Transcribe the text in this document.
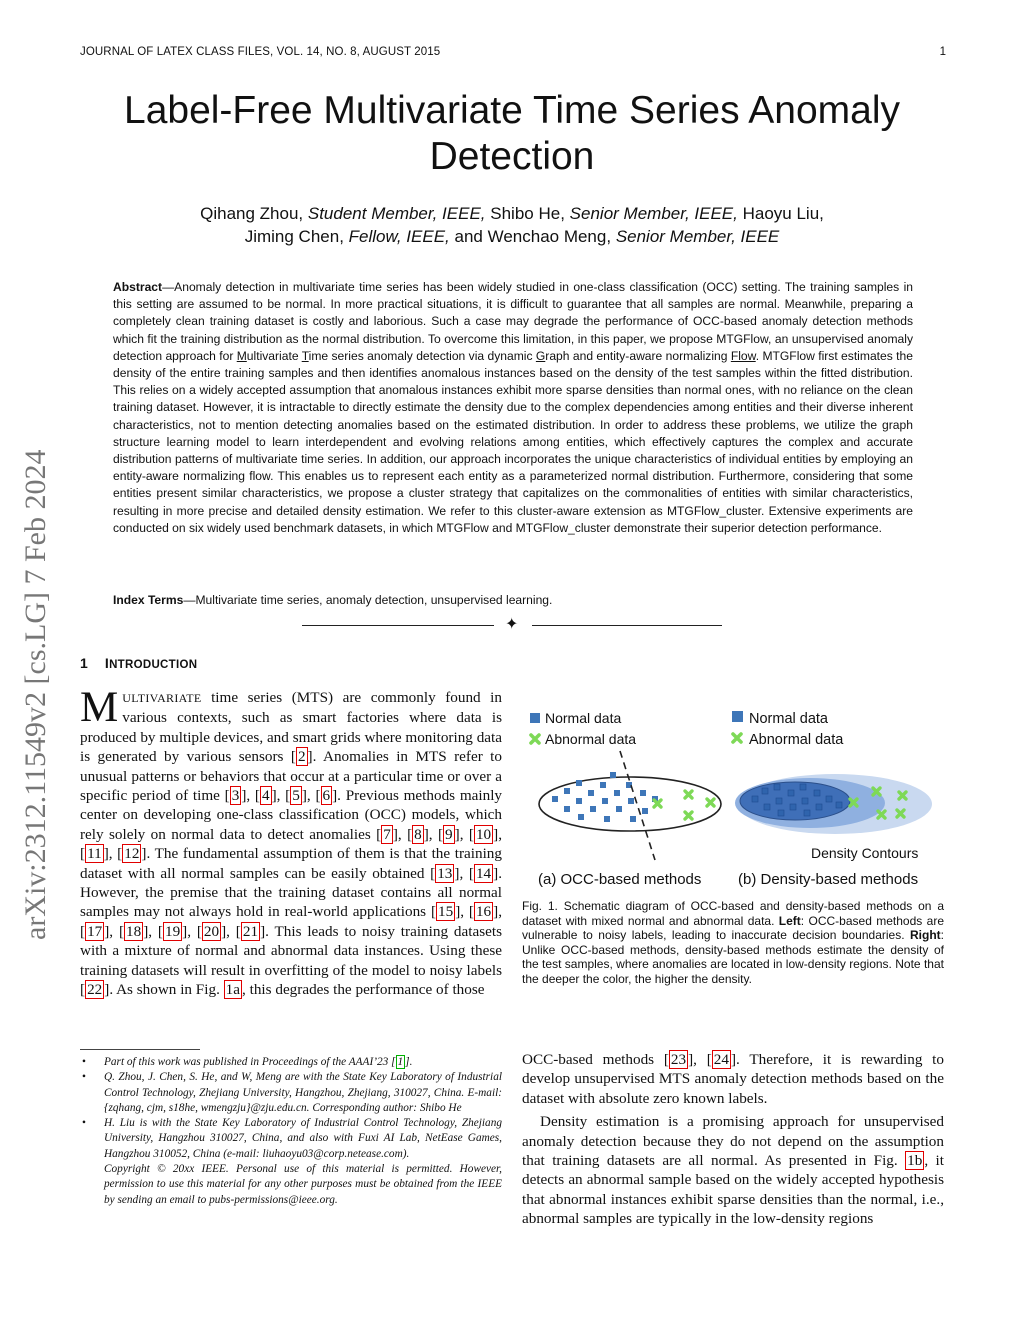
JOURNAL OF LATEX CLASS FILES, VOL. 14, NO. 8, AUGUST 2015	1
Label-Free Multivariate Time Series Anomaly Detection
Qihang Zhou, Student Member, IEEE, Shibo He, Senior Member, IEEE, Haoyu Liu,
Jiming Chen, Fellow, IEEE, and Wenchao Meng, Senior Member, IEEE
Abstract—Anomaly detection in multivariate time series has been widely studied in one-class classification (OCC) setting. The training samples in this setting are assumed to be normal. In more practical situations, it is difficult to guarantee that all samples are normal. Meanwhile, preparing a completely clean training dataset is costly and laborious. Such a case may degrade the performance of OCC-based anomaly detection methods which fit the training distribution as the normal distribution. To overcome this limitation, in this paper, we propose MTGFlow, an unsupervised anomaly detection approach for Multivariate Time series anomaly detection via dynamic Graph and entity-aware normalizing Flow. MTGFlow first estimates the density of the entire training samples and then identifies anomalous instances based on the density of the test samples within the fitted distribution. This relies on a widely accepted assumption that anomalous instances exhibit more sparse densities than normal ones, with no reliance on the clean training dataset. However, it is intractable to directly estimate the density due to the complex dependencies among entities and their diverse inherent characteristics, not to mention detecting anomalies based on the estimated distribution. In order to address these problems, we utilize the graph structure learning model to learn interdependent and evolving relations among entities, which effectively captures the complex and accurate distribution patterns of multivariate time series. In addition, our approach incorporates the unique characteristics of individual entities by employing an entity-aware normalizing flow. This enables us to represent each entity as a parameterized normal distribution. Furthermore, considering that some entities present similar characteristics, we propose a cluster strategy that capitalizes on the commonalities of entities with similar characteristics, resulting in more precise and detailed density estimation. We refer to this cluster-aware extension as MTGFlow_cluster. Extensive experiments are conducted on six widely used benchmark datasets, in which MTGFlow and MTGFlow_cluster demonstrate their superior detection performance.
Index Terms—Multivariate time series, anomaly detection, unsupervised learning.
✦
arXiv:2312.11549v2 [cs.LG] 7 Feb 2024	1 INTRODUCTION
MULTIVARIATE time series (MTS) are commonly found in various contexts, such as smart factories where data is produced by multiple devices, and smart grids where monitoring data is generated by various sensors [ 2 ]. Anomalies in MTS refer to unusual patterns or behaviors that occur at a particular time or over a specific period of time [ 3 ], [ 4 ], [ 5 ], [ 6 ]. Previous methods mainly center on developing one-class classification (OCC) models, which rely solely on normal data to detect anomalies [ 7 ], [ 8 ], [ 9 ], [ 10 ], [ 11 ], [ 12 ]. The fundamental assumption of them is that the training dataset with all normal samples can be easily obtained [ 13 ], [ 14 ]. However, the premise that the training dataset contains all normal samples may not always hold in real-world applications [ 15 ], [ 16 ], [ 17 ], [ 18 ], [ 19 ], [ 20 ], [ 21 ]. This leads to noisy training datasets with a mixture of normal and abnormal data instances. Using these training datasets will result in overfitting of the model to noisy labels [ 22 ]. As shown in Fig. 1a , this degrades the performance of those

• Part of this work was published in Proceedings of the AAAI’23 [ 1 ].

• Q. Zhou, J. Chen, S. He, and W, Meng are with the State Key Laboratory of Industrial Control Technology, Zhejiang University, Hangzhou, Zhejiang, 310027, China. E-mail: {zqhang, cjm, s18he, wmengzju}@zju.edu.cn. Corresponding author: Shibo He

• H. Liu is with the State Key Laboratory of Industrial Control Technology, Zhejiang University, Hangzhou 310027, China, and also with Fuxi AI Lab, NetEase Games, Hangzhou 310052, China (e-mail: liuhaoyu03@corp.netease.com).

Copyright © 20xx IEEE. Personal use of this material is permitted. However, permission to use this material for any other purposes must be obtained from the IEEE by sending an email to pubs-permissions@ieee.org.

Normal data
Abnormal data
Normal data
Abnormal data
Density Contours
(a) OCC-based methods (b) Density-based methods
Fig. 1. Schematic diagram of OCC-based and density-based methods on a dataset with mixed normal and abnormal data. Left: OCC-based methods are vulnerable to noisy labels, leading to inaccurate decision boundaries. Right: Unlike OCC-based methods, density-based methods estimate the density of the test samples, where anomalies are located in low-density regions. Note that the deeper the color, the higher the density.

OCC-based methods [ 23 ], [ 24 ]. Therefore, it is rewarding to develop unsupervised MTS anomaly detection methods based on the dataset with absolute zero known labels.

Density estimation is a promising approach for unsupervised anomaly detection because they do not depend on the assumption that training datasets are all normal. As presented in Fig. 1b , it detects an abnormal sample based on the widely accepted hypothesis that abnormal instances exhibit sparse densities than the normal, i.e., abnormal samples are typically in the low-density regions
